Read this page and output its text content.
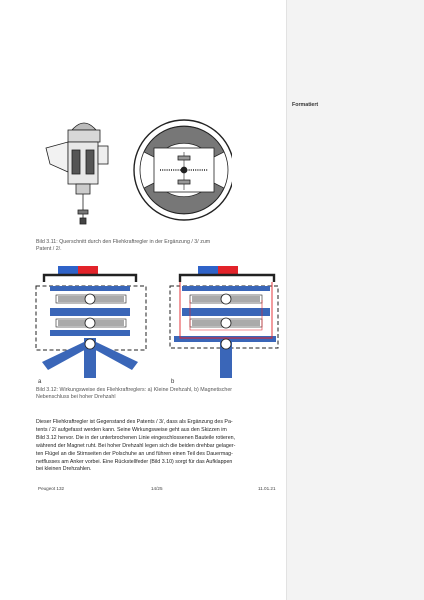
Formatiert
Bild 3.11: Querschnitt durch den Fliehkraftregler in der Ergänzung / 3/ zum
Patent / 2/.
a	b
Bild 3.12: Wirkungsweise des Fliehkraftreglers: a) Kleine Drehzahl, b) Magnetischer
Nebenschluss bei hoher Drehzahl
Dieser Fliehkraftregler ist Gegenstand des Patents / 3/, dass als Ergänzung des Pa-
tents / 2/ aufgefasst werden kann. Seine Wirkungsweise geht aus den Skizzen im
Bild 3.12 hervor. Die in der unterbrochenen Linie eingeschlossenen Bauteile rotieren,
während der Magnet ruht. Bei hoher Drehzahl legen sich die beiden drehbar gelager-
ten Flügel an die Stirnseiten der Polschuhe an und führen einen Teil des Dauermag-
netflusses am Anker vorbei. Eine Rückstellfeder (Bild 3.10) sorgt für das Aufklappen
bei kleinen Drehzahlen.
Peugeot 132	14/25	11.01.21
